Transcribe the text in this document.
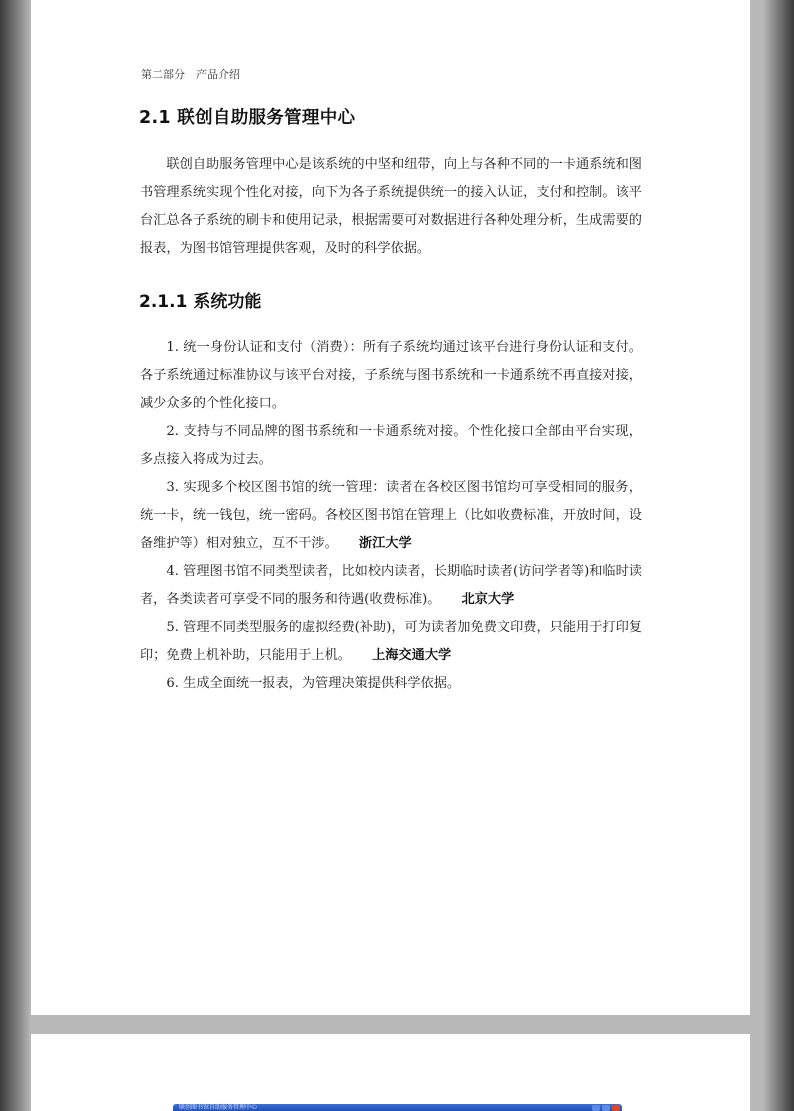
第二部分　产品介绍
2.1 联创自助服务管理中心

联创自助服务管理中心是该系统的中坚和纽带，向上与各种不同的一卡通系统和图书管理系统实现个性化对接，向下为各子系统提供统一的接入认证，支付和控制。该平台汇总各子系统的刷卡和使用记录，根据需要可对数据进行各种处理分析，生成需要的报表，为图书馆管理提供客观，及时的科学依据。

2.1.1 系统功能

1. 统一身份认证和支付（消费）：所有子系统均通过该平台进行身份认证和支付。各子系统通过标准协议与该平台对接，子系统与图书系统和一卡通系统不再直接对接，减少众多的个性化接口。

2. 支持与不同品牌的图书系统和一卡通系统对接。个性化接口全部由平台实现，多点接入将成为过去。

3. 实现多个校区图书馆的统一管理：读者在各校区图书馆均可享受相同的服务，统一卡，统一钱包，统一密码。各校区图书馆在管理上（比如收费标准，开放时间，设备维护等）相对独立，互不干涉。 浙江大学

4. 管理图书馆不同类型读者，比如校内读者，长期临时读者(访问学者等)和临时读者，各类读者可享受不同的服务和待遇(收费标准)。 北京大学

5. 管理不同类型服务的虚拟经费(补助)，可为读者加免费文印费，只能用于打印复印；免费上机补助，只能用于上机。 上海交通大学

6. 生成全面统一报表，为管理决策提供科学依据。

联创图书馆自助服务管理中心
